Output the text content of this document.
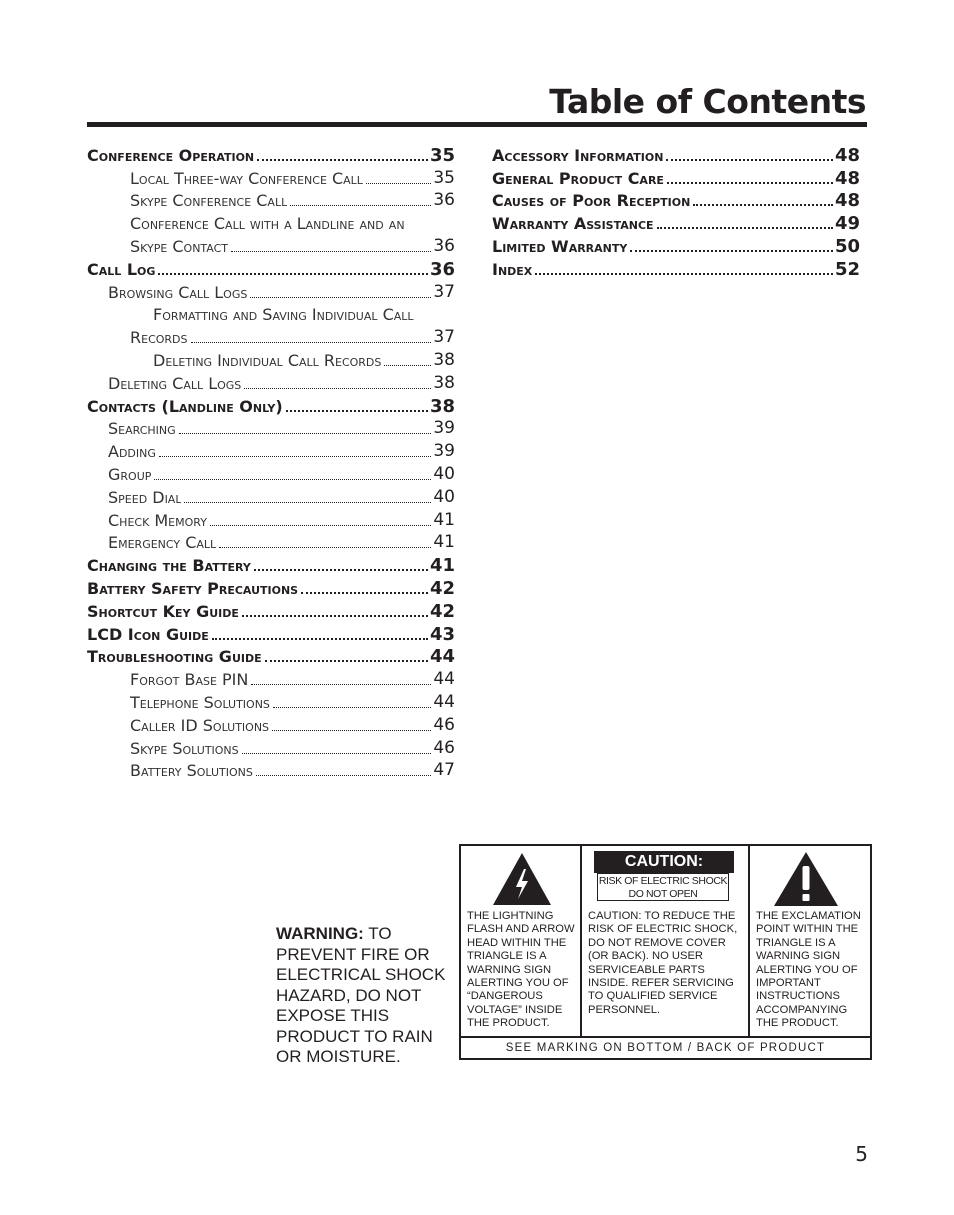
Table of Contents
Conference Operation	35
Local Three-way Conference Call	35
Skype Conference Call	36
Conference Call with a Landline and an
Skype Contact	36
Call Log	36
Browsing Call Logs	37
Formatting and Saving Individual Call
Records	37
Deleting Individual Call Records	38
Deleting Call Logs	38
Contacts (Landline Only)	38
Searching	39
Adding	39
Group	40
Speed Dial	40
Check Memory	41
Emergency Call	41
Changing the Battery	41
Battery Safety Precautions	42
Shortcut Key Guide	42
LCD Icon Guide	43
Troubleshooting Guide	44
Forgot Base PIN	44
Telephone Solutions	44
Caller ID Solutions	46
Skype Solutions	46
Battery Solutions	47
Accessory Information	48
General Product Care	48
Causes of Poor Reception	48
Warranty Assistance	49
Limited Warranty	50
Index	52
WARNING: TO PREVENT FIRE OR ELECTRICAL SHOCK HAZARD, DO NOT EXPOSE THIS PRODUCT TO RAIN OR MOISTURE.
THE LIGHTNING FLASH AND ARROW HEAD WITHIN THE TRIANGLE IS A WARNING SIGN ALERTING YOU OF “DANGEROUS VOLTAGE” INSIDE THE PRODUCT.
CAUTION:
RISK OF ELECTRIC SHOCK
DO NOT OPEN
CAUTION: TO REDUCE THE RISK OF ELECTRIC SHOCK, DO NOT REMOVE COVER (OR BACK). NO USER SERVICEABLE PARTS INSIDE. REFER SERVICING TO QUALIFIED SERVICE PERSONNEL.
THE EXCLAMATION POINT WITHIN THE TRIANGLE IS A WARNING SIGN ALERTING YOU OF IMPORTANT INSTRUCTIONS ACCOMPANYING THE PRODUCT.
SEE MARKING ON BOTTOM / BACK OF PRODUCT
5
